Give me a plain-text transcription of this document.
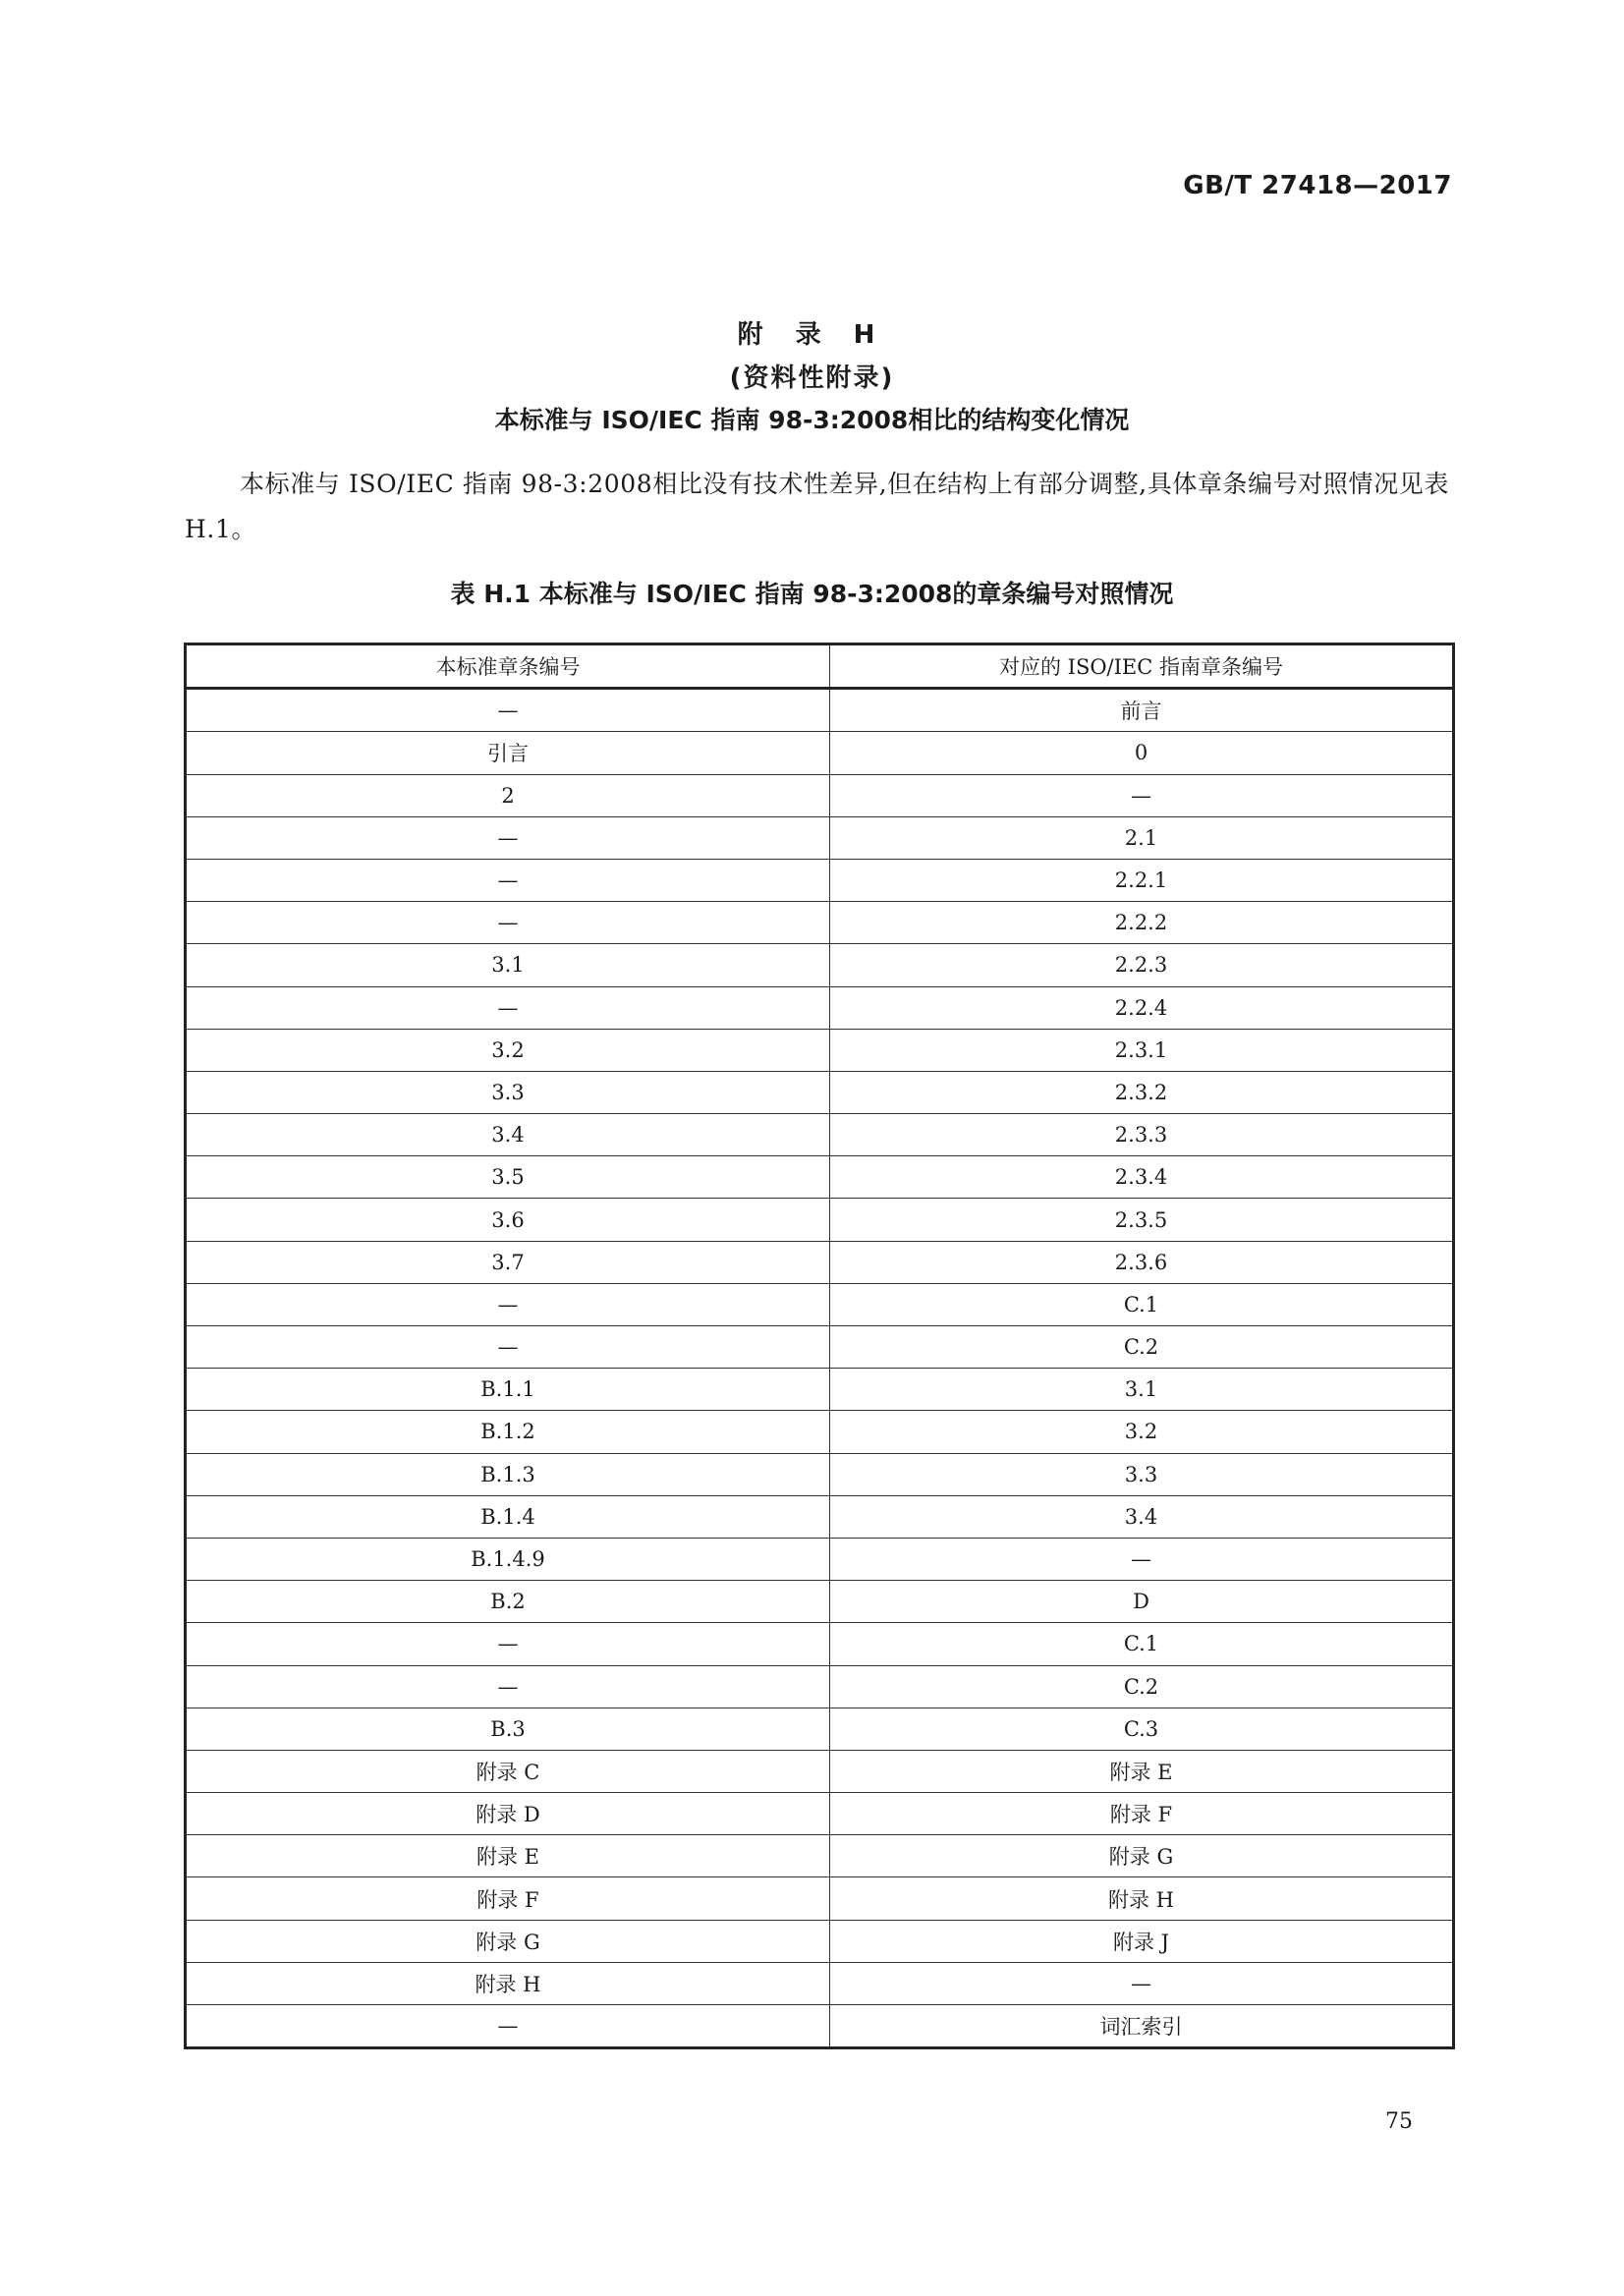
GB/T 27418—2017
附 录 H
(资料性附录)
本标准与 ISO/IEC 指南 98-3:2008相比的结构变化情况
本标准与 ISO/IEC 指南 98-3:2008相比没有技术性差异,但在结构上有部分调整,具体章条编号对照情况见表 H.1。
表 H.1 本标准与 ISO/IEC 指南 98-3:2008的章条编号对照情况
本标准章条编号	对应的 ISO/IEC 指南章条编号
—	前言
引言	0
2	—
—	2.1
—	2.2.1
—	2.2.2
3.1	2.2.3
—	2.2.4
3.2	2.3.1
3.3	2.3.2
3.4	2.3.3
3.5	2.3.4
3.6	2.3.5
3.7	2.3.6
—	C.1
—	C.2
B.1.1	3.1
B.1.2	3.2
B.1.3	3.3
B.1.4	3.4
B.1.4.9	—
B.2	D
—	C.1
—	C.2
B.3	C.3
附录 C	附录 E
附录 D	附录 F
附录 E	附录 G
附录 F	附录 H
附录 G	附录 J
附录 H	—
—	词汇索引
75
